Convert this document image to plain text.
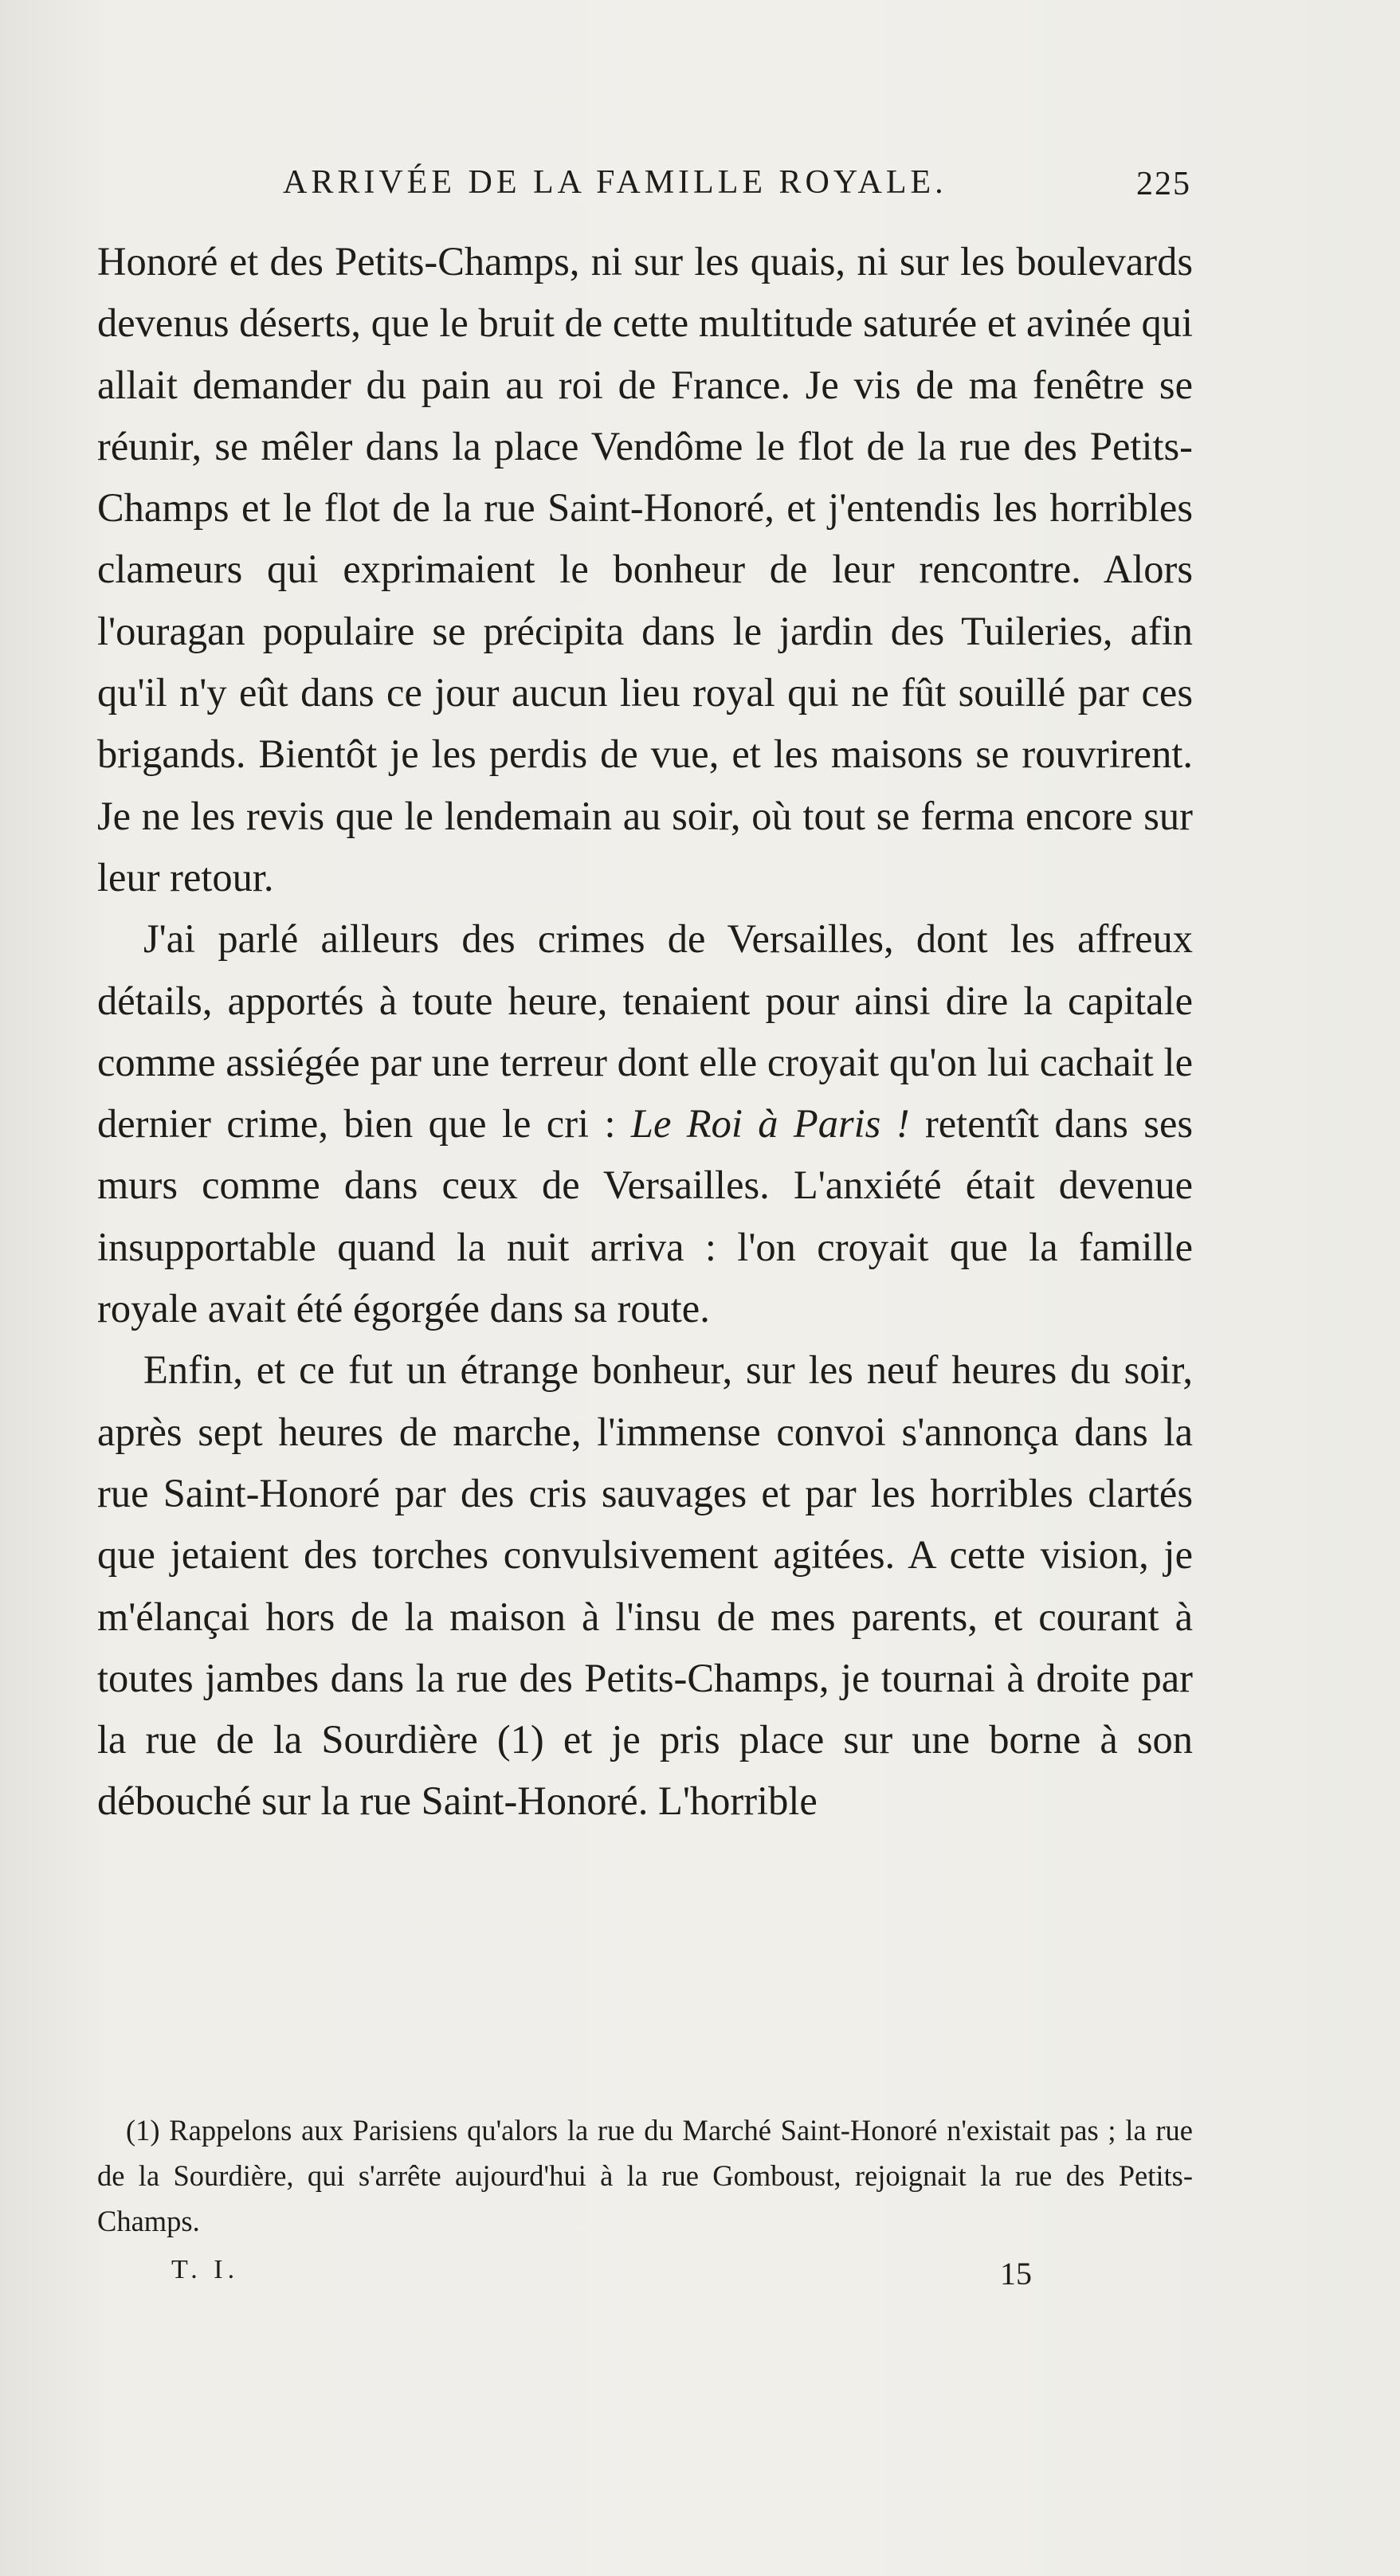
ARRIVÉE DE LA FAMILLE ROYALE.	225

Honoré et des Petits-Champs, ni sur les quais, ni sur les boulevards devenus déserts, que le bruit de cette multitude saturée et avinée qui allait demander du pain au roi de France. Je vis de ma fenêtre se réunir, se mêler dans la place Vendôme le flot de la rue des Petits-Champs et le flot de la rue Saint-Honoré, et j'entendis les horribles clameurs qui exprimaient le bonheur de leur rencontre. Alors l'ouragan populaire se précipita dans le jardin des Tuileries, afin qu'il n'y eût dans ce jour aucun lieu royal qui ne fût souillé par ces brigands. Bientôt je les perdis de vue, et les maisons se rouvrirent. Je ne les revis que le lendemain au soir, où tout se ferma encore sur leur retour.

J'ai parlé ailleurs des crimes de Versailles, dont les affreux détails, apportés à toute heure, tenaient pour ainsi dire la capitale comme assiégée par une terreur dont elle croyait qu'on lui cachait le dernier crime, bien que le cri : Le Roi à Paris ! retentît dans ses murs comme dans ceux de Versailles. L'anxiété était devenue insupportable quand la nuit arriva : l'on croyait que la famille royale avait été égorgée dans sa route.

Enfin, et ce fut un étrange bonheur, sur les neuf heures du soir, après sept heures de marche, l'immense convoi s'annonça dans la rue Saint-Honoré par des cris sauvages et par les horribles clartés que jetaient des torches convulsivement agitées. A cette vision, je m'élançai hors de la maison à l'insu de mes parents, et courant à toutes jambes dans la rue des Petits-Champs, je tournai à droite par la rue de la Sourdière (1) et je pris place sur une borne à son débouché sur la rue Saint-Honoré. L'horrible

(1) Rappelons aux Parisiens qu'alors la rue du Marché Saint-Honoré n'existait pas ; la rue de la Sourdière, qui s'arrête aujourd'hui à la rue Gomboust, rejoignait la rue des Petits-Champs.
T. I.	15
